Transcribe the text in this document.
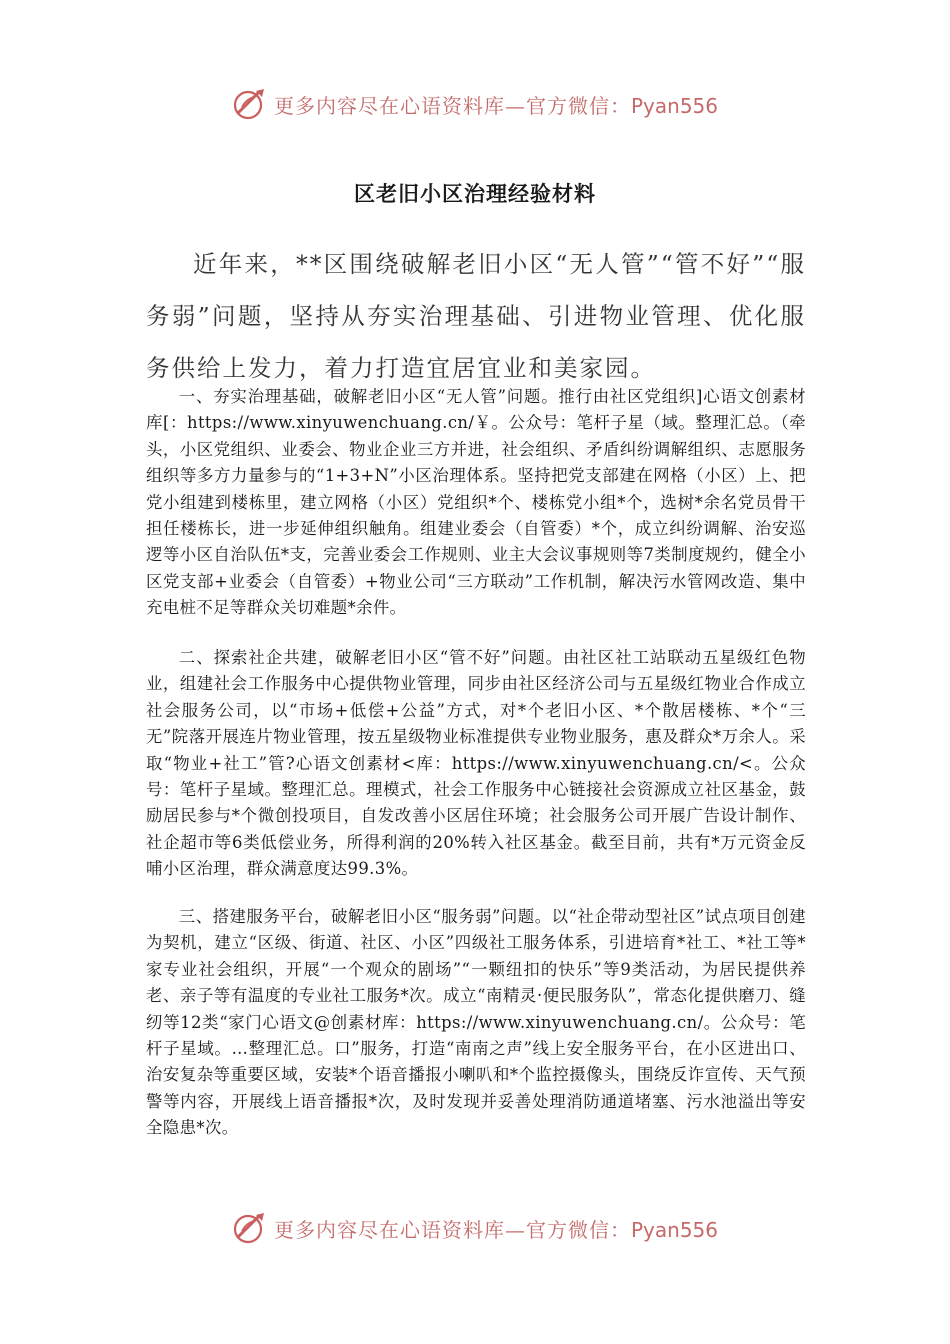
更多内容尽在心语资料库—官方微信：Pyan556
区老旧小区治理经验材料
近年来，**区围绕破解老旧小区“无人管”“管不好”“服务弱”问题，坚持从夯实治理基础、引进物业管理、优化服务供给上发力，着力打造宜居宜业和美家园。
一、夯实治理基础，破解老旧小区“无人管”问题。推行由社区党组织]心语文创素材库[：https://www.xinyuwenchuang.cn/￥。公众号：笔杆子星（域。整理汇总。（牵头，小区党组织、业委会、物业企业三方并进，社会组织、矛盾纠纷调解组织、志愿服务组织等多方力量参与的“1+3+N”小区治理体系。坚持把党支部建在网格（小区）上、把党小组建到楼栋里，建立网格（小区）党组织*个、楼栋党小组*个，选树*余名党员骨干担任楼栋长，进一步延伸组织触角。组建业委会（自管委）*个，成立纠纷调解、治安巡逻等小区自治队伍*支，完善业委会工作规则、业主大会议事规则等7类制度规约，健全小区党支部+业委会（自管委）+物业公司“三方联动”工作机制，解决污水管网改造、集中充电桩不足等群众关切难题*余件。
二、探索社企共建，破解老旧小区“管不好”问题。由社区社工站联动五星级红色物业，组建社会工作服务中心提供物业管理，同步由社区经济公司与五星级红物业合作成立社会服务公司，以“市场+低偿+公益”方式，对*个老旧小区、*个散居楼栋、*个“三无”院落开展连片物业管理，按五星级物业标准提供专业物业服务，惠及群众*万余人。采取“物业+社工”管?心语文创素材<库：https://www.xinyuwenchuang.cn/<。公众号：笔杆子星域。整理汇总。理模式，社会工作服务中心链接社会资源成立社区基金，鼓励居民参与*个微创投项目，自发改善小区居住环境；社会服务公司开展广告设计制作、社企超市等6类低偿业务，所得利润的20%转入社区基金。截至目前，共有*万元资金反哺小区治理，群众满意度达99.3%。
三、搭建服务平台，破解老旧小区“服务弱”问题。以“社企带动型社区”试点项目创建为契机，建立“区级、街道、社区、小区”四级社工服务体系，引进培育*社工、*社工等*家专业社会组织，开展“一个观众的剧场”“一颗纽扣的快乐”等9类活动，为居民提供养老、亲子等有温度的专业社工服务*次。成立“南精灵·便民服务队”，常态化提供磨刀、缝纫等12类“家门心语文@创素材库：https://www.xinyuwenchuang.cn/。公众号：笔杆子星域。…整理汇总。口”服务，打造“南南之声”线上安全服务平台，在小区进出口、治安复杂等重要区域，安装*个语音播报小喇叭和*个监控摄像头，围绕反诈宣传、天气预警等内容，开展线上语音播报*次，及时发现并妥善处理消防通道堵塞、污水池溢出等安全隐患*次。
更多内容尽在心语资料库—官方微信：Pyan556
